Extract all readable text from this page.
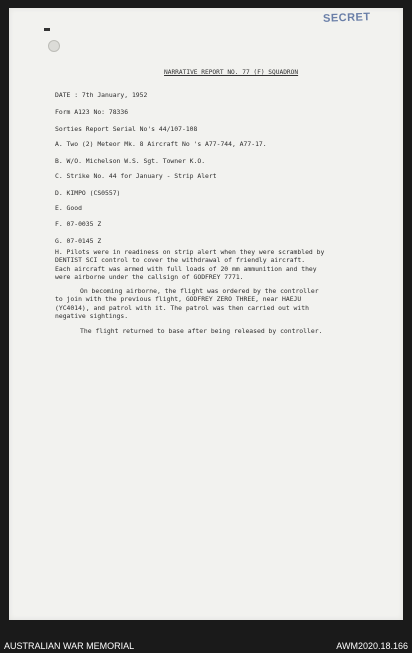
SECRET
NARRATIVE REPORT NO. 77 (F) SQUADRON
DATE : 7th January, 1952
Form A123 No: 78336
Sorties Report Serial No's 44/107-108
A. Two (2) Meteor Mk. 8 Aircraft No 's A77-744, A77-17.
B. W/O. Michelson W.S. Sgt. Towner K.O.
C. Strike No. 44 for January - Strip Alert
D. KIMPO (CS0557)
E. Good
F. 07-0035 Z
G. 07-0145 Z
H. Pilots were in readiness on strip alert when they were scrambled by
DENTIST SCI control to cover the withdrawal of friendly aircraft.
Each aircraft was armed with full loads of 20 mm ammunition and they
were airborne under the callsign of GODFREY 7771.
On becoming airborne, the flight was ordered by the controller
to join with the previous flight, GODFREY ZERO THREE, near HAEJU
(YC4014), and patrol with it. The patrol was then carried out with
negative sightings.
The flight returned to base after being released by controller.
AUSTRALIAN WAR MEMORIAL	AWM2020.18.166
